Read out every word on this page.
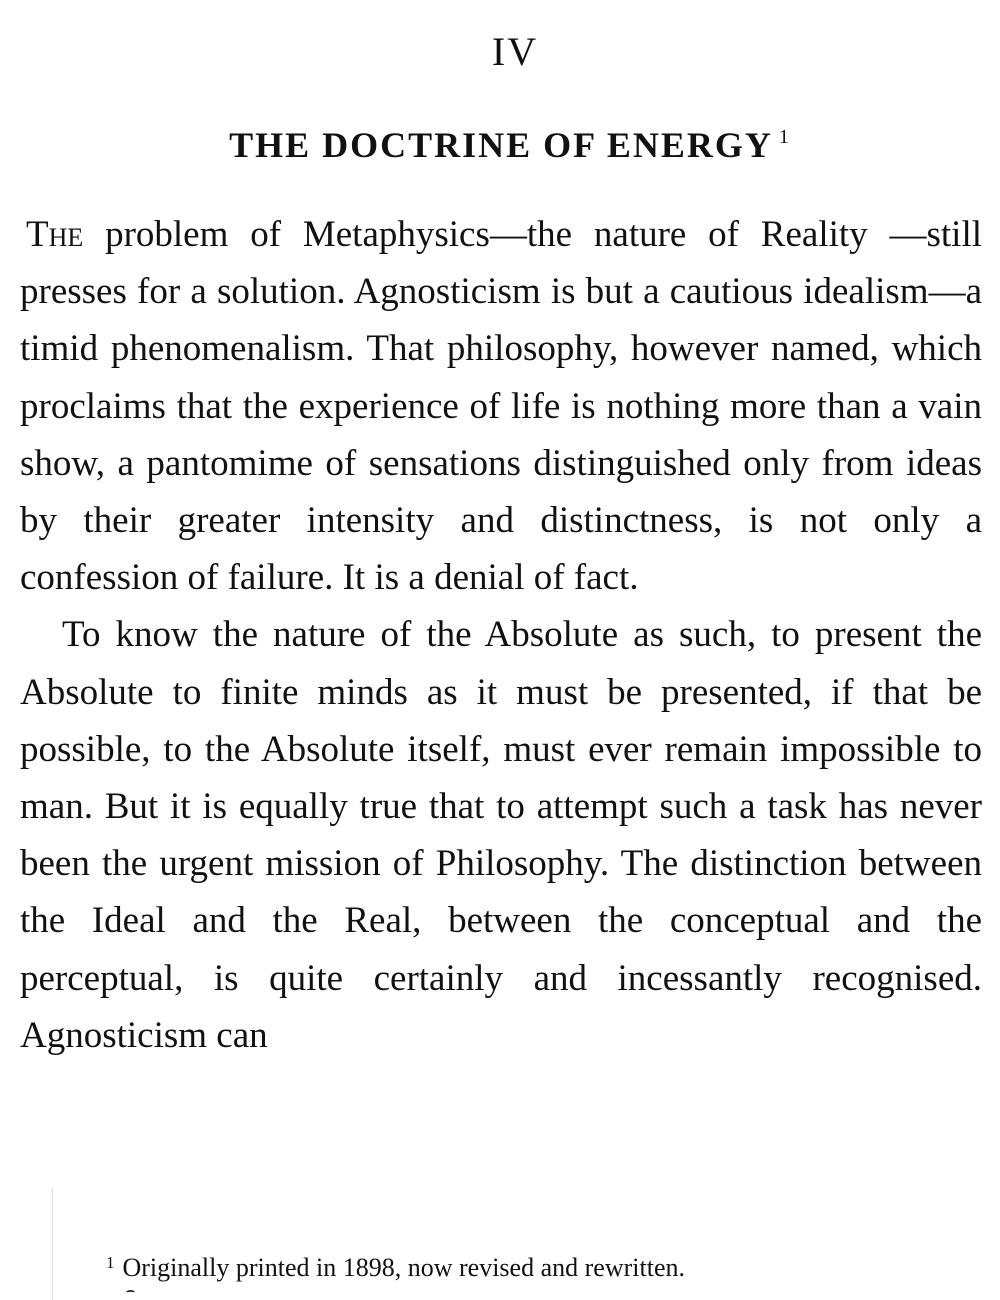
IV
THE DOCTRINE OF ENERGY $^1$

The problem of Metaphysics—the nature of Reality —still presses for a solution. Agnosticism is but a cautious idealism—a timid phenomenalism. That philosophy, however named, which proclaims that the experience of life is nothing more than a vain show, a pantomime of sensations distinguished only from ideas by their greater intensity and distinctness, is not only a confession of failure. It is a denial of fact.

To know the nature of the Absolute as such, to present the Absolute to finite minds as it must be presented, if that be possible, to the Absolute itself, must ever remain impossible to man. But it is equally true that to attempt such a task has never been the urgent mission of Philosophy. The distinction between the Ideal and the Real, between the conceptual and the perceptual, is quite certainly and incessantly recognised. Agnosticism can

$^1$ Originally printed in 1898, now revised and rewritten.
